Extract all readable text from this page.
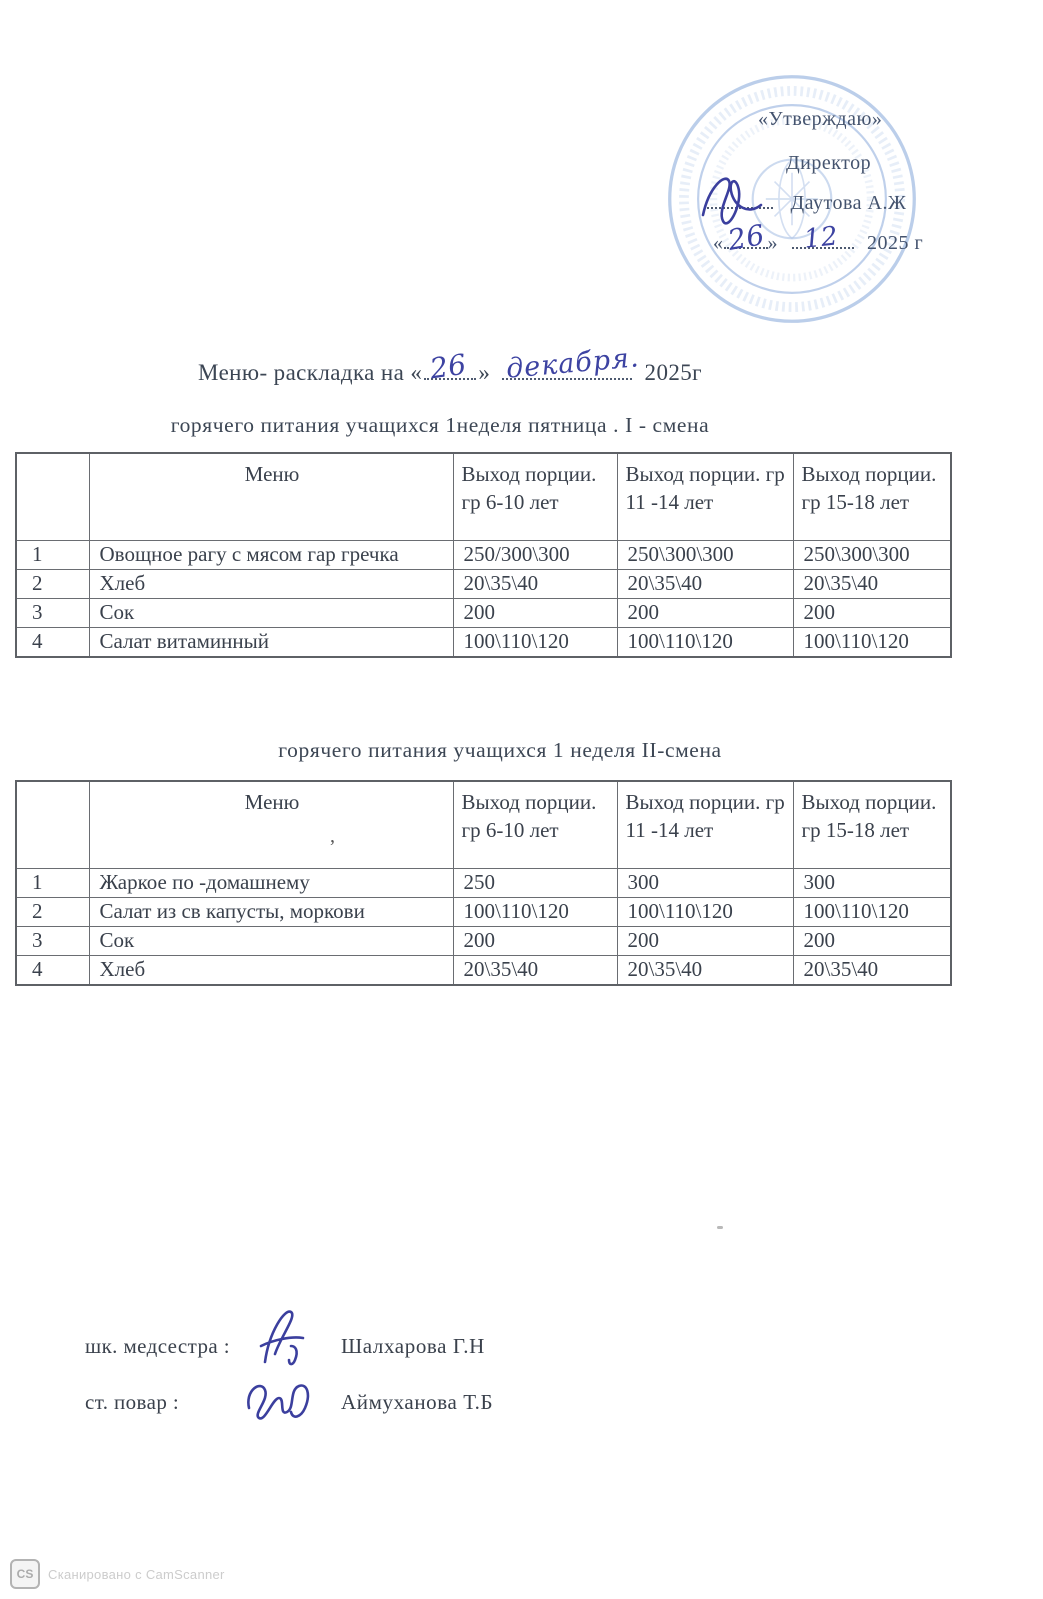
«Утверждаю»
Директор
Даутова А.Ж
« 26 » 12 2025 г
Меню- раскладка на « 26 » декабря. 2025г
горячего питания учащихся 1неделя пятница . I - смена
	Меню	Выход порции. гр 6-10 лет	Выход порции. гр 11 -14 лет	Выход порции. гр 15-18 лет
1	Овощное рагу с мясом гар гречка	250/300\300	250\300\300	250\300\300
2	Хлеб	20\35\40	20\35\40	20\35\40
3	Сок	200	200	200
4	Салат витаминный	100\110\120	100\110\120	100\110\120
горячего питания учащихся 1 неделя II-смена
,
	Меню	Выход порции. гр 6-10 лет	Выход порции. гр 11 -14 лет	Выход порции. гр 15-18 лет
1	Жаркое по -домашнему	250	300	300
2	Салат из св капусты, моркови	100\110\120	100\110\120	100\110\120
3	Сок	200	200	200
4	Хлеб	20\35\40	20\35\40	20\35\40
шк. медсестра :	Шалхарова Г.Н
ст. повар :	Аймуханова Т.Б
CS	Сканировано с CamScanner
